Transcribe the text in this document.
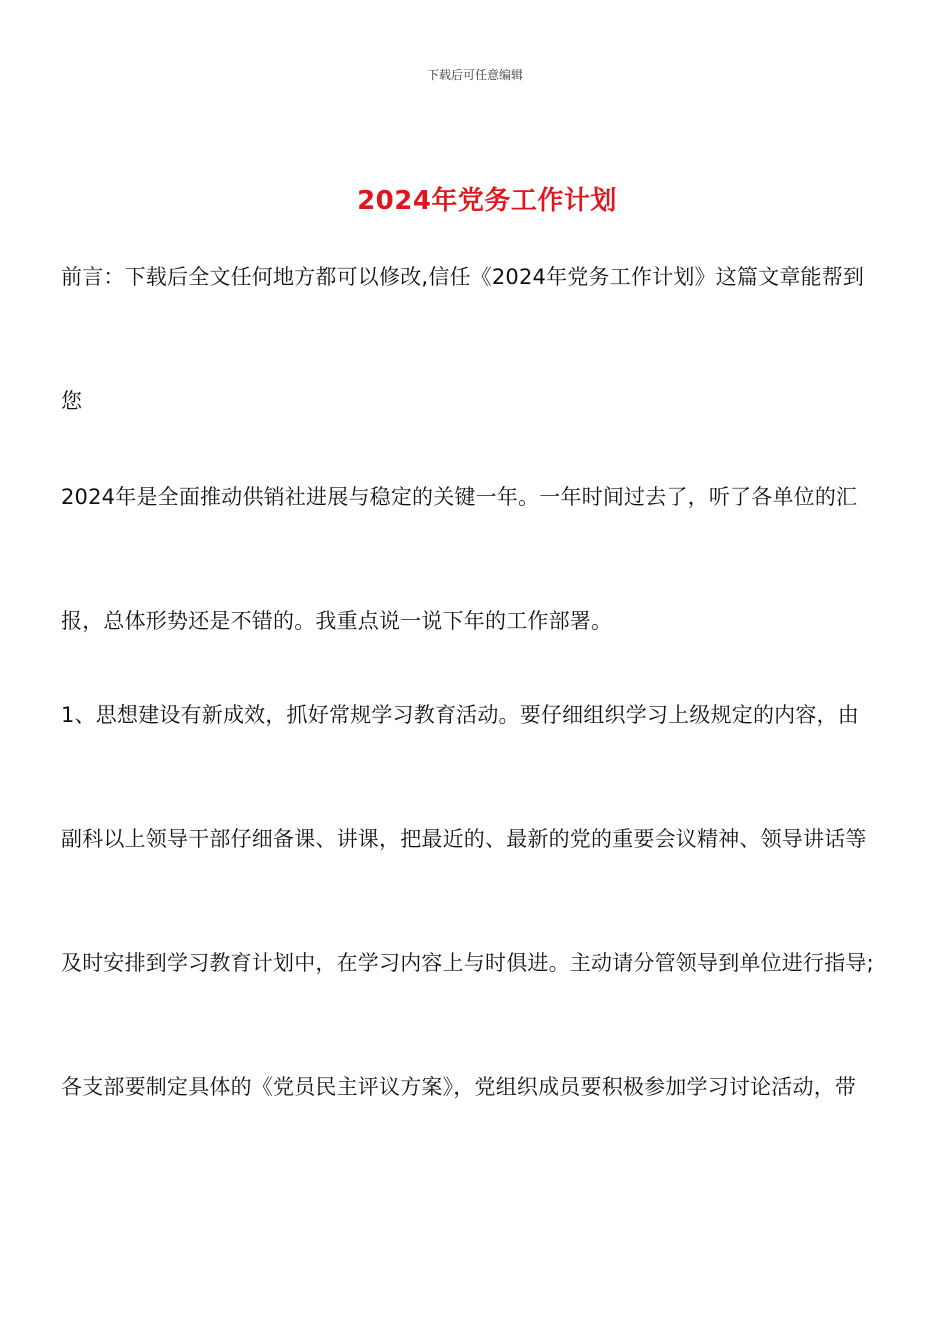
下载后可任意编辑
2024年党务工作计划
前言：下载后全文任何地方都可以修改,信任《2024年党务工作计划》这篇文章能帮到
您
2024年是全面推动供销社进展与稳定的关键一年。一年时间过去了，听了各单位的汇
报，总体形势还是不错的。我重点说一说下年的工作部署。
1、思想建设有新成效，抓好常规学习教育活动。要仔细组织学习上级规定的内容，由
副科以上领导干部仔细备课、讲课，把最近的、最新的党的重要会议精神、领导讲话等
及时安排到学习教育计划中，在学习内容上与时俱进。主动请分管领导到单位进行指导;
各支部要制定具体的《党员民主评议方案》，党组织成员要积极参加学习讨论活动，带
